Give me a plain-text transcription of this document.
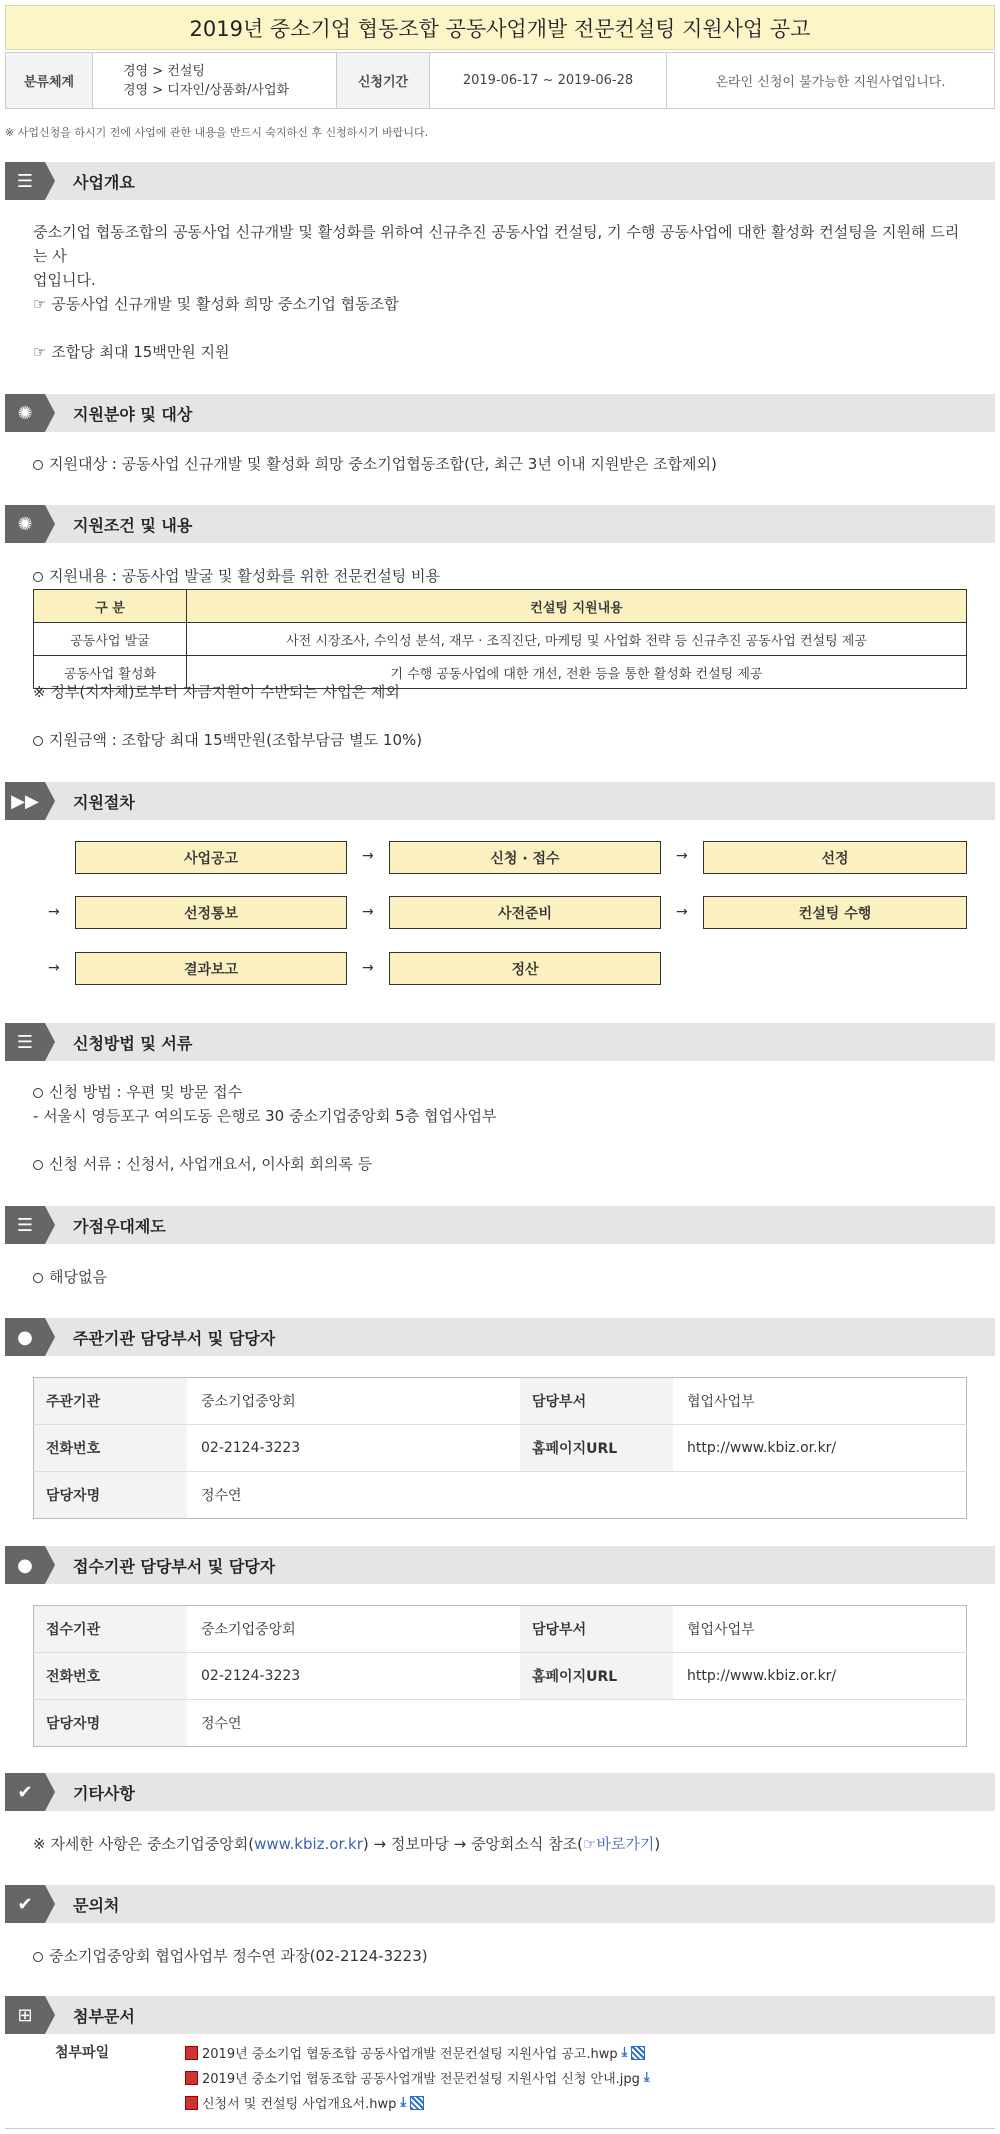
2019년 중소기업 협동조합 공동사업개발 전문컨설팅 지원사업 공고
분류체계
경영 > 컨설팅
경영 > 디자인/상품화/사업화	신청기간	2019-06-17 ~ 2019-06-28	온라인 신청이 불가능한 지원사업입니다.
※ 사업신청을 하시기 전에 사업에 관한 내용을 반드시 숙지하신 후 신청하시기 바랍니다.
☰	사업개요
중소기업 협동조합의 공동사업 신규개발 및 활성화를 위하여 신규추진 공동사업 컨설팅, 기 수행 공동사업에 대한 활성화 컨설팅을 지원해 드리는 사
업입니다.
☞ 공동사업 신규개발 및 활성화 희망 중소기업 협동조합
☞ 조합당 최대 15백만원 지원
✺	지원분야 및 대상
지원대상 : 공동사업 신규개발 및 활성화 희망 중소기업협동조합(단, 최근 3년 이내 지원받은 조합제외)
✺	지원조건 및 내용
지원내용 : 공동사업 발굴 및 활성화를 위한 전문컨설팅 비용
구 분	컨설팅 지원내용
공동사업 발굴	사전 시장조사, 수익성 분석, 재무 · 조직진단, 마케팅 및 사업화 전략 등 신규추진 공동사업 컨설팅 제공
공동사업 활성화	기 수행 공동사업에 대한 개선, 전환 등을 통한 활성화 컨설팅 제공
※ 정부(지자체)로부터 자금지원이 수반되는 사업은 제외
지원금액 : 조합당 최대 15백만원(조합부담금 별도 10%)
▶▶	지원절차
사업공고	→	신청 · 접수	→	선정
→	선정통보	→	사전준비	→	컨설팅 수행
→	결과보고	→	정산
☰	신청방법 및 서류
신청 방법 : 우편 및 방문 접수
- 서울시 영등포구 여의도동 은행로 30 중소기업중앙회 5층 협업사업부
신청 서류 : 신청서, 사업개요서, 이사회 회의록 등
☰	가점우대제도
해당없음
●	주관기관 담당부서 및 담당자
주관기관	중소기업중앙회	담당부서	협업사업부
전화번호	02-2124-3223	홈페이지URL	http://www.kbiz.or.kr/
담당자명	정수연		
●	접수기관 담당부서 및 담당자
접수기관	중소기업중앙회	담당부서	협업사업부
전화번호	02-2124-3223	홈페이지URL	http://www.kbiz.or.kr/
담당자명	정수연		
✔	기타사항
※ 자세한 사항은 중소기업중앙회(www.kbiz.or.kr) → 정보마당 → 중앙회소식 참조(☞바로가기)
✔	문의처
중소기업중앙회 협업사업부 정수연 과장(02-2124-3223)
⊞	첨부문서
첨부파일	2019년 중소기업 협동조합 공동사업개발 전문컨설팅 지원사업 공고.hwp ⤓
2019년 중소기업 협동조합 공동사업개발 전문컨설팅 지원사업 신청 안내.jpg ⤓
신청서 및 컨설팅 사업개요서.hwp ⤓
